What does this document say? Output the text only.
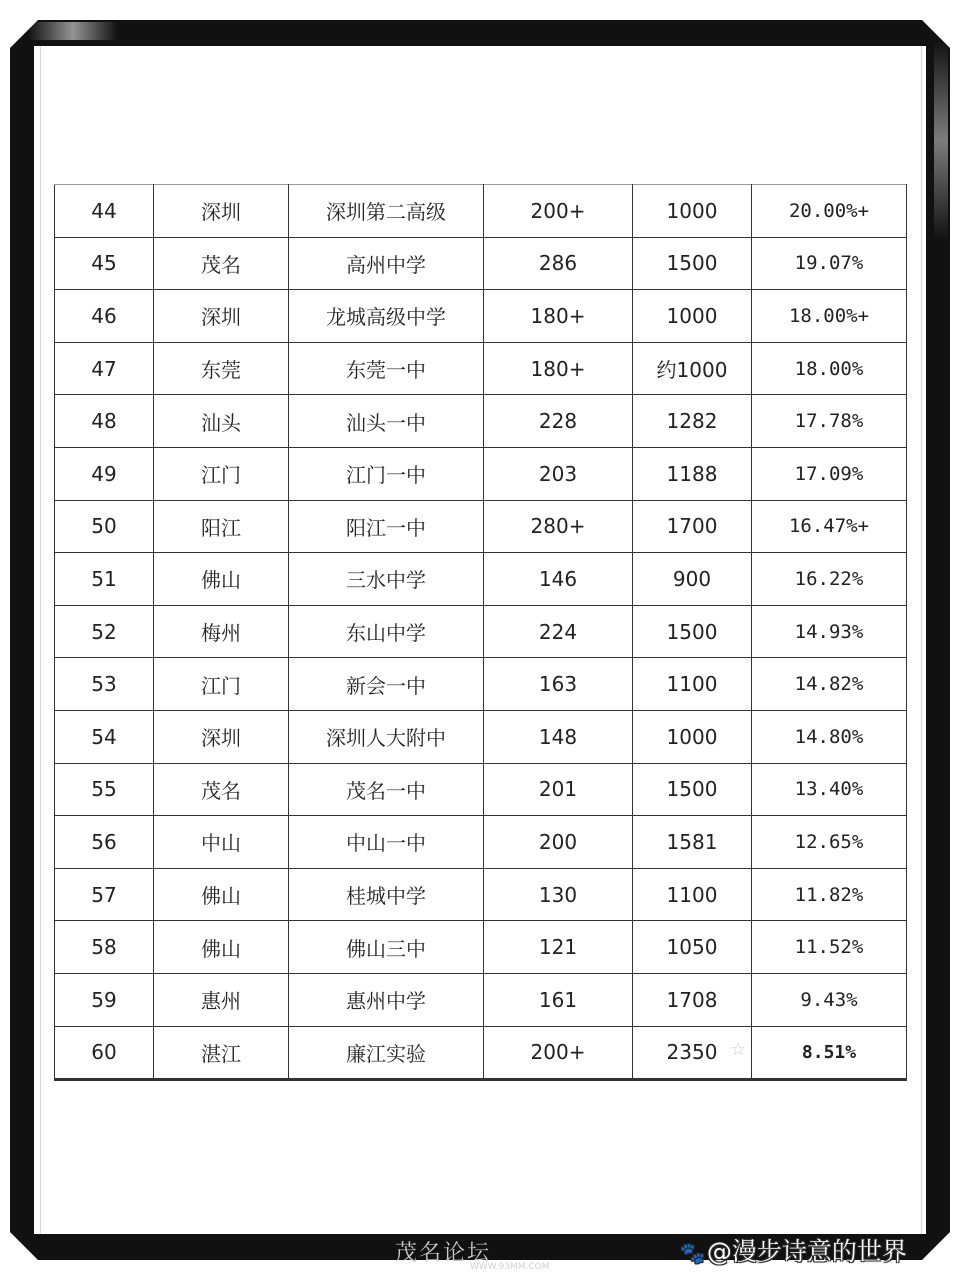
44	深圳	深圳第二高级	200+	1000	20.00%+
45	茂名	高州中学	286	1500	19.07%
46	深圳	龙城高级中学	180+	1000	18.00%+
47	东莞	东莞一中	180+	约1000	18.00%
48	汕头	汕头一中	228	1282	17.78%
49	江门	江门一中	203	1188	17.09%
50	阳江	阳江一中	280+	1700	16.47%+
51	佛山	三水中学	146	900	16.22%
52	梅州	东山中学	224	1500	14.93%
53	江门	新会一中	163	1100	14.82%
54	深圳	深圳人大附中	148	1000	14.80%
55	茂名	茂名一中	201	1500	13.40%
56	中山	中山一中	200	1581	12.65%
57	佛山	桂城中学	130	1100	11.82%
58	佛山	佛山三中	121	1050	11.52%
59	惠州	惠州中学	161	1708	9.43%
60	湛江	廉江实验	200+	2350	8.51%
☆
茂名论坛
WWW.93MM.COM
🐾@漫步诗意的世界
